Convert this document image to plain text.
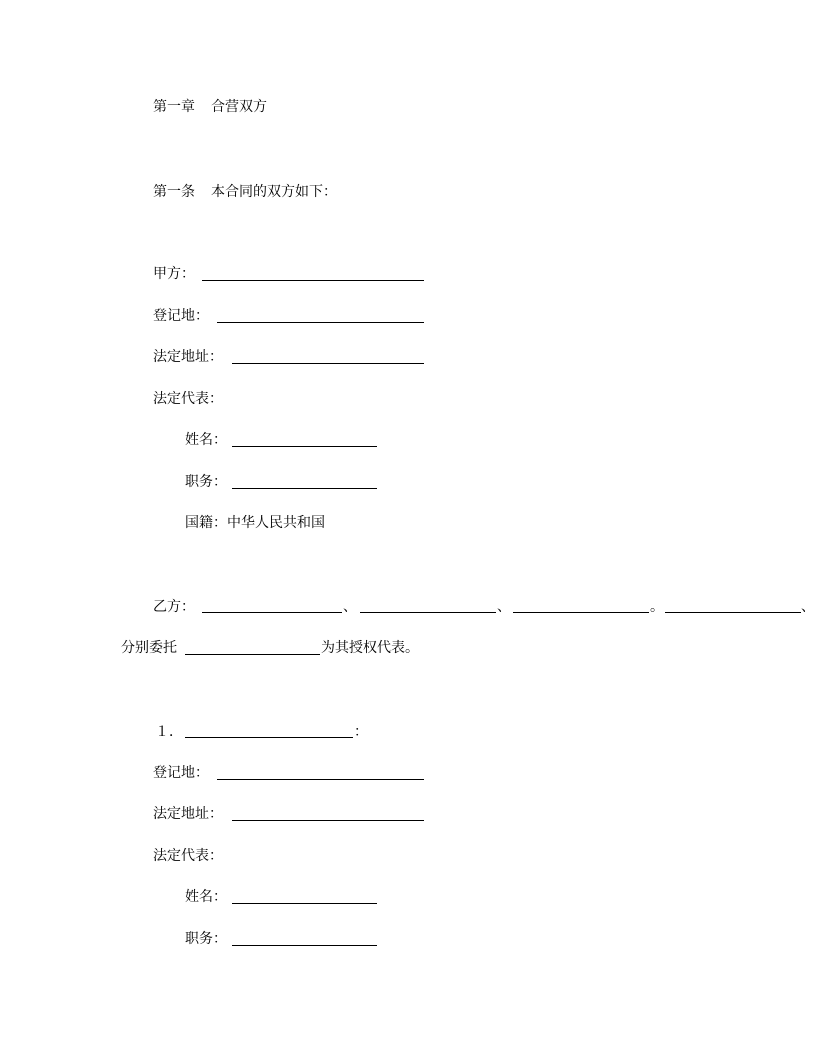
第一章 合营双方
第一条 本合同的双方如下：
甲方：
登记地：
法定地址：
法定代表：
姓名：
职务：
国籍：中华人民共和国
乙方：	、	、	。	、
分别委托	为其授权代表。
１．	：
登记地：
法定地址：
法定代表：
姓名：
职务：
